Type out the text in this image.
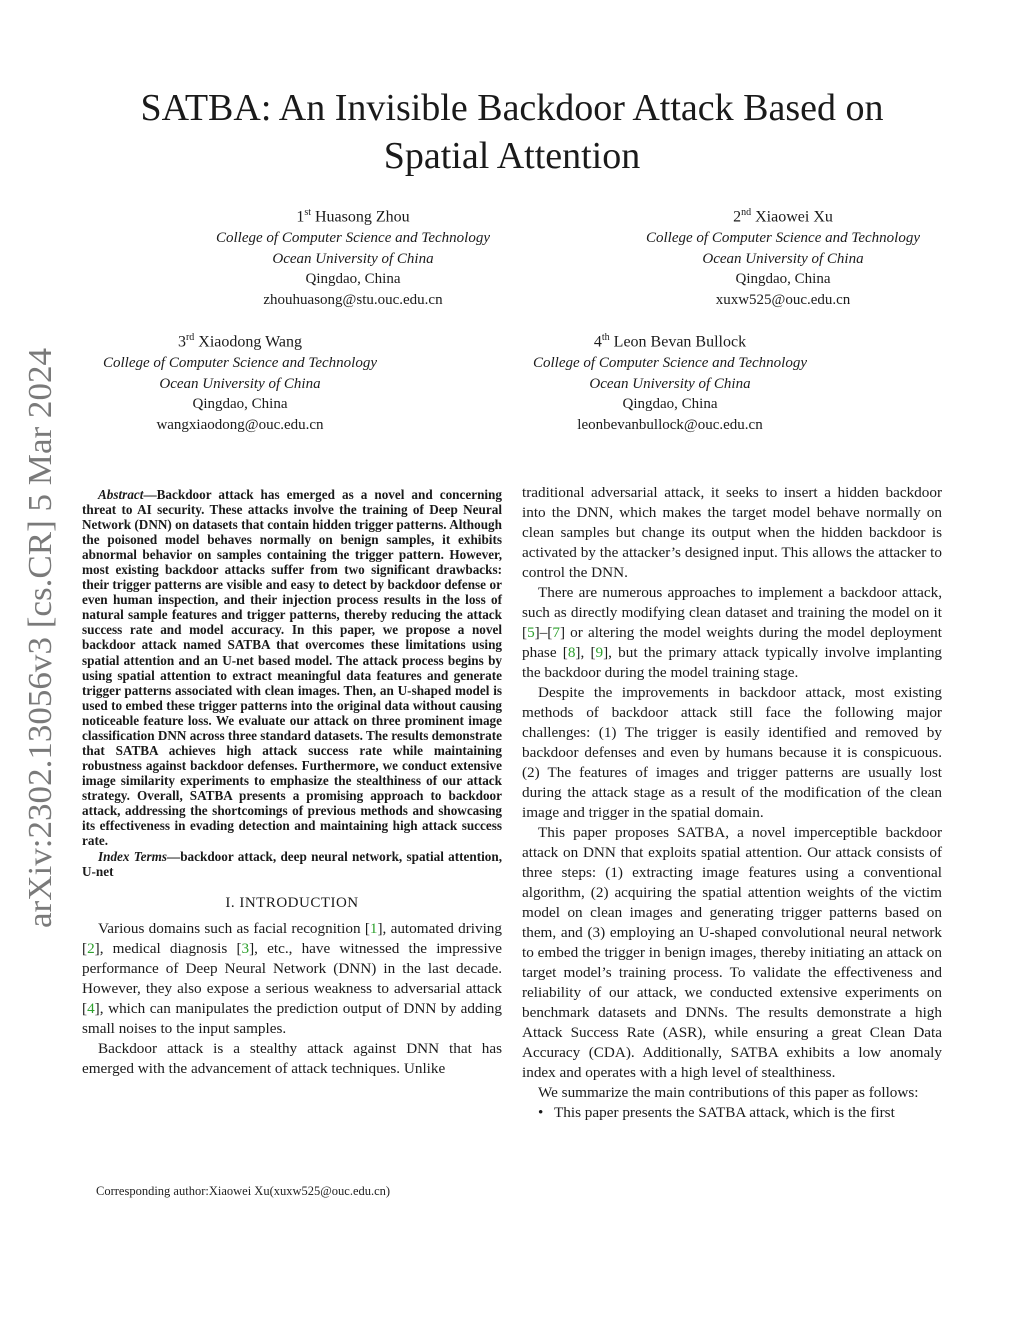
SATBA: An Invisible Backdoor Attack Based on
Spatial Attention
1st Huasong Zhou
College of Computer Science and Technology
Ocean University of China
Qingdao, China
zhouhuasong@stu.ouc.edu.cn
2nd Xiaowei Xu
College of Computer Science and Technology
Ocean University of China
Qingdao, China
xuxw525@ouc.edu.cn
3rd Xiaodong Wang
College of Computer Science and Technology
Ocean University of China
Qingdao, China
wangxiaodong@ouc.edu.cn
4th Leon Bevan Bullock
College of Computer Science and Technology
Ocean University of China
Qingdao, China
leonbevanbullock@ouc.edu.cn
arXiv:2302.13056v3 [cs.CR] 5 Mar 2024	Abstract—Backdoor attack has emerged as a novel and concerning threat to AI security. These attacks involve the training of Deep Neural Network (DNN) on datasets that contain hidden trigger patterns. Although the poisoned model behaves normally on benign samples, it exhibits abnormal behavior on samples containing the trigger pattern. However, most existing backdoor attacks suffer from two significant drawbacks: their trigger patterns are visible and easy to detect by backdoor defense or even human inspection, and their injection process results in the loss of natural sample features and trigger patterns, thereby reducing the attack success rate and model accuracy. In this paper, we propose a novel backdoor attack named SATBA that overcomes these limitations using spatial attention and an U-net based model. The attack process begins by using spatial attention to extract meaningful data features and generate trigger patterns associated with clean images. Then, an U-shaped model is used to embed these trigger patterns into the original data without causing noticeable feature loss. We evaluate our attack on three prominent image classification DNN across three standard datasets. The results demonstrate that SATBA achieves high attack success rate while maintaining robustness against backdoor defenses. Furthermore, we conduct extensive image similarity experiments to emphasize the stealthiness of our attack strategy. Overall, SATBA presents a promising approach to backdoor attack, addressing the shortcomings of previous methods and showcasing its effectiveness in evading detection and maintaining high attack success rate.
Index Terms—backdoor attack, deep neural network, spatial attention, U-net
I. INTRODUCTION

Various domains such as facial recognition [1], automated driving [2], medical diagnosis [3], etc., have witnessed the impressive performance of Deep Neural Network (DNN) in the last decade. However, they also expose a serious weakness to adversarial attack [4], which can manipulates the prediction output of DNN by adding small noises to the input samples.

Backdoor attack is a stealthy attack against DNN that has emerged with the advancement of attack techniques. Unlike

Corresponding author:Xiaowei Xu(xuxw525@ouc.edu.cn)

traditional adversarial attack, it seeks to insert a hidden backdoor into the DNN, which makes the target model behave normally on clean samples but change its output when the hidden backdoor is activated by the attacker’s designed input. This allows the attacker to control the DNN.

There are numerous approaches to implement a backdoor attack, such as directly modifying clean dataset and training the model on it [5]–[7] or altering the model weights during the model deployment phase [8], [9], but the primary attack typically involve implanting the backdoor during the model training stage.

Despite the improvements in backdoor attack, most existing methods of backdoor attack still face the following major challenges: (1) The trigger is easily identified and removed by backdoor defenses and even by humans because it is conspicuous. (2) The features of images and trigger patterns are usually lost during the attack stage as a result of the modification of the clean image and trigger in the spatial domain.

This paper proposes SATBA, a novel imperceptible backdoor attack on DNN that exploits spatial attention. Our attack consists of three steps: (1) extracting image features using a conventional algorithm, (2) acquiring the spatial attention weights of the victim model on clean images and generating trigger patterns based on them, and (3) employing an U-shaped convolutional neural network to embed the trigger in benign images, thereby initiating an attack on target model’s training process. To validate the effectiveness and reliability of our attack, we conducted extensive experiments on benchmark datasets and DNNs. The results demonstrate a high Attack Success Rate (ASR), while ensuring a great Clean Data Accuracy (CDA). Additionally, SATBA exhibits a low anomaly index and operates with a high level of stealthiness.

We summarize the main contributions of this paper as follows:

• This paper presents the SATBA attack, which is the first
